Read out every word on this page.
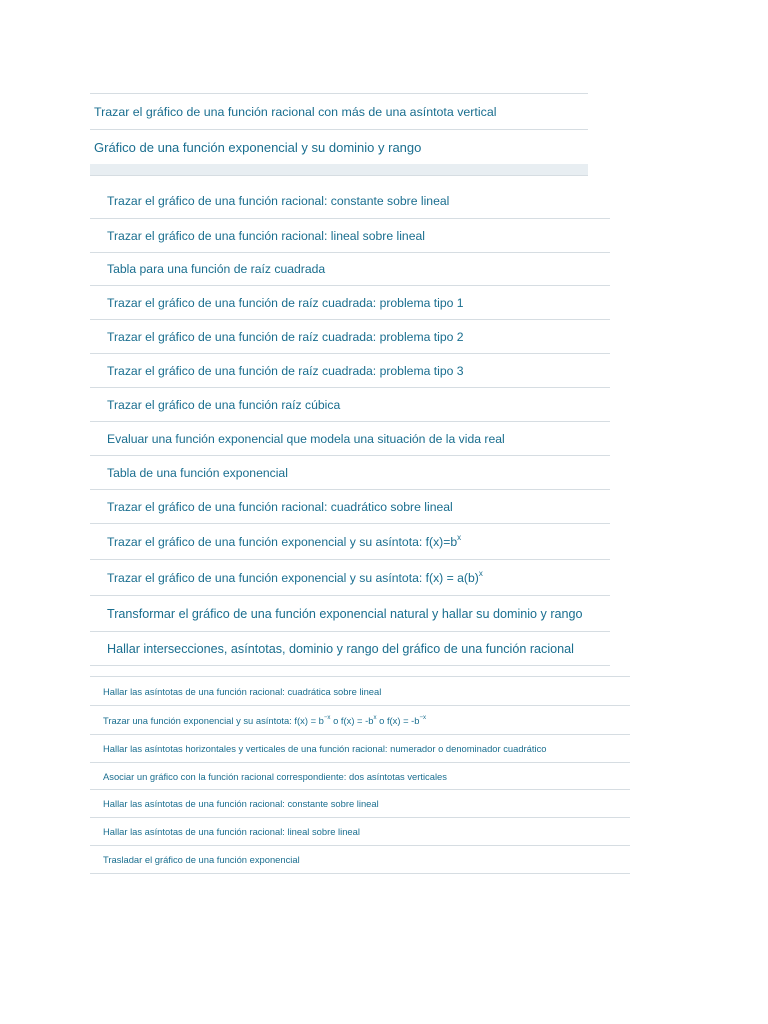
Trazar el gráfico de una función racional con más de una asíntota vertical
Gráfico de una función exponencial y su dominio y rango
Trazar el gráfico de una función racional: constante sobre lineal
Trazar el gráfico de una función racional: lineal sobre lineal
Tabla para una función de raíz cuadrada
Trazar el gráfico de una función de raíz cuadrada: problema tipo 1
Trazar el gráfico de una función de raíz cuadrada: problema tipo 2
Trazar el gráfico de una función de raíz cuadrada: problema tipo 3
Trazar el gráfico de una función raíz cúbica
Evaluar una función exponencial que modela una situación de la vida real
Tabla de una función exponencial
Trazar el gráfico de una función racional: cuadrático sobre lineal
Trazar el gráfico de una función exponencial y su asíntota: $f(x)=b^x$
Trazar el gráfico de una función exponencial y su asíntota: $f(x) = a(b)^x$
Transformar el gráfico de una función exponencial natural y hallar su dominio y rango
Hallar intersecciones, asíntotas, dominio y rango del gráfico de una función racional
Hallar las asíntotas de una función racional: cuadrática sobre lineal
Trazar una función exponencial y su asíntota: $f(x) = b^{-x}$ o $f(x) = -b^x$ o $f(x) = -b^{-x}$
Hallar las asíntotas horizontales y verticales de una función racional: numerador o denominador cuadrático
Asociar un gráfico con la función racional correspondiente: dos asíntotas verticales
Hallar las asíntotas de una función racional: constante sobre lineal
Hallar las asíntotas de una función racional: lineal sobre lineal
Trasladar el gráfico de una función exponencial
